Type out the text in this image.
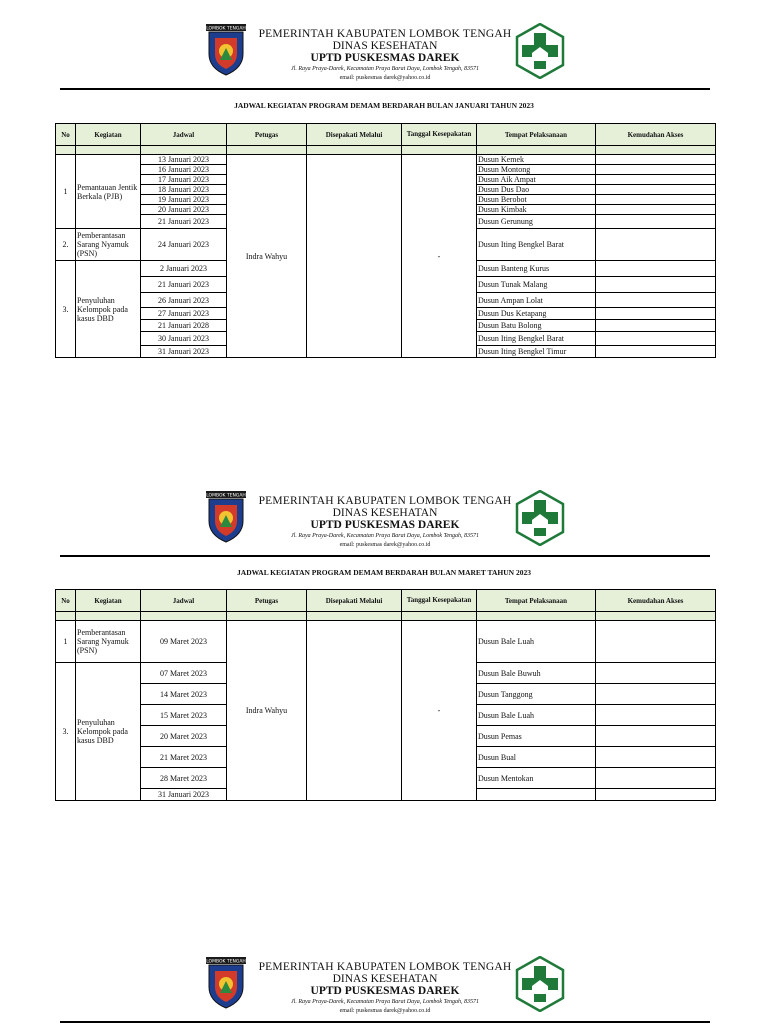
LOMBOK TENGAH	PEMERINTAH KABUPATEN LOMBOK TENGAH
DINAS KESEHATAN
UPTD PUSKESMAS DAREK
Jl. Raya Praya-Darek, Kecamatan Praya Barat Daya, Lombok Tengah, 83571
email: puskesmas darek@yahoo.co.id
LOMBOK TENGAH	PEMERINTAH KABUPATEN LOMBOK TENGAH
DINAS KESEHATAN
UPTD PUSKESMAS DAREK
Jl. Raya Praya-Darek, Kecamatan Praya Barat Daya, Lombok Tengah, 83571
email: puskesmas darek@yahoo.co.id
LOMBOK TENGAH	PEMERINTAH KABUPATEN LOMBOK TENGAH
DINAS KESEHATAN
UPTD PUSKESMAS DAREK
Jl. Raya Praya-Darek, Kecamatan Praya Barat Daya, Lombok Tengah, 83571
email: puskesmas darek@yahoo.co.id
JADWAL KEGIATAN PROGRAM DEMAM BERDARAH BULAN JANUARI TAHUN 2023
No	Kegiatan	Jadwal	Petugas	Disepakati Melalui	Tanggal Kesepakatan	Tempat Pelaksanaan	Kemudahan Akses

1	Pemantauan Jentik Berkala (PJB)	13 Januari 2023	Indra Wahyu		-	Dusun Kemek	
		16 Januari 2023				Dusun Montong	
		17 Januari 2023				Dusun Aik Ampat	
		18 Januari 2023				Dusun Dus Dao	
		19 Januari 2023				Dusun Berobot	
		20 Januari 2023				Dusun Kimbak	
		21 Januari 2023				Dusun Gerunung	
2.	Pemberantasan Sarang Nyamuk (PSN)	24 Januari 2023				Dusun Iting Bengkel Barat	
3.	Penyuluhan Kelompok pada kasus DBD	2 Januari 2023				Dusun Banteng Kurus	
		21 Januari 2023				Dusun Tunak Malang	
		26 Januari 2023				Dusun Ampan Lolat	
		27 Januari 2023				Dusun Dus Ketapang	
		21 Januari 2028				Dusun Batu Bolong	
		30 Januari 2023				Dusun Iting Bengkel Barat	
		31 Januari 2023				Dusun Iting Bengkel Timur	
JADWAL KEGIATAN PROGRAM DEMAM BERDARAH BULAN MARET TAHUN 2023
No	Kegiatan	Jadwal	Petugas	Disepakati Melalui	Tanggal Kesepakatan	Tempat Pelaksanaan	Kemudahan Akses

1	Pemberantasan Sarang Nyamuk (PSN)	09 Maret 2023	Indra Wahyu		-	Dusun Bale Luah	
3.	Penyuluhan Kelompok pada kasus DBD	07 Maret 2023				Dusun Bale Buwuh	
		14 Maret 2023				Dusun Tanggong	
		15 Maret 2023				Dusun Bale Luah	
		20 Maret 2023				Dusun Pemas	
		21 Maret 2023				Dusun Bual	
		28 Maret 2023				Dusun Mentokan	
		31 Januari 2023					
